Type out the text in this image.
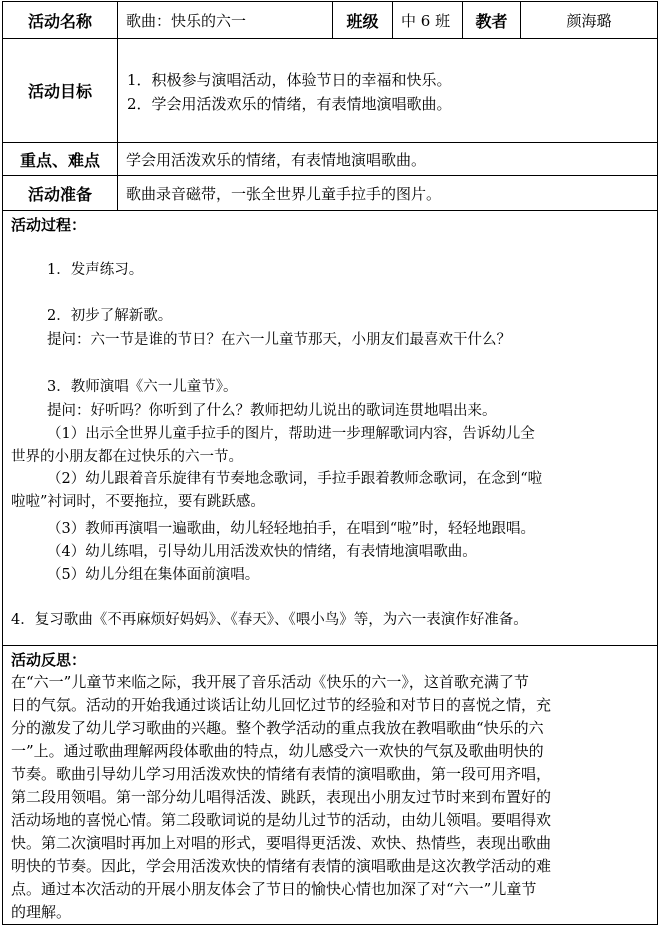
活动名称	歌曲：快乐的六一	班级	中 6 班	教者	颜海璐
活动目标
1．积极参与演唱活动，体验节日的幸福和快乐。
2．学会用活泼欢乐的情绪，有表情地演唱歌曲。
重点、难点	学会用活泼欢乐的情绪，有表情地演唱歌曲。
活动准备	歌曲录音磁带，一张全世界儿童手拉手的图片。
活动过程：
1．发声练习。
2．初步了解新歌。
提问：六一节是谁的节日？在六一儿童节那天，小朋友们最喜欢干什么？
3．教师演唱《六一儿童节》。
提问：好听吗？你听到了什么？教师把幼儿说出的歌词连贯地唱出来。
（1）出示全世界儿童手拉手的图片，帮助进一步理解歌词内容，告诉幼儿全
世界的小朋友都在过快乐的六一节。
（2）幼儿跟着音乐旋律有节奏地念歌词，手拉手跟着教师念歌词，在念到“啦
啦啦”衬词时，不要拖拉，要有跳跃感。
（3）教师再演唱一遍歌曲，幼儿轻轻地拍手，在唱到“啦”时，轻轻地跟唱。
（4）幼儿练唱，引导幼儿用活泼欢快的情绪，有表情地演唱歌曲。
（5）幼儿分组在集体面前演唱。
4．复习歌曲《不再麻烦好妈妈》、《春天》、《喂小鸟》等，为六一表演作好准备。
活动反思：
在“六一”儿童节来临之际，我开展了音乐活动《快乐的六一》，这首歌充满了节
日的气氛。活动的开始我通过谈话让幼儿回忆过节的经验和对节日的喜悦之情，充
分的激发了幼儿学习歌曲的兴趣。整个教学活动的重点我放在教唱歌曲“快乐的六
一”上。通过歌曲理解两段体歌曲的特点，幼儿感受六一欢快的气氛及歌曲明快的
节奏。歌曲引导幼儿学习用活泼欢快的情绪有表情的演唱歌曲，第一段可用齐唱，
第二段用领唱。第一部分幼儿唱得活泼、跳跃，表现出小朋友过节时来到布置好的
活动场地的喜悦心情。第二段歌词说的是幼儿过节的活动，由幼儿领唱。要唱得欢
快。第二次演唱时再加上对唱的形式，要唱得更活泼、欢快、热情些，表现出歌曲
明快的节奏。因此，学会用活泼欢快的情绪有表情的演唱歌曲是这次教学活动的难
点。通过本次活动的开展小朋友体会了节日的愉快心情也加深了对“六一”儿童节
的理解。
